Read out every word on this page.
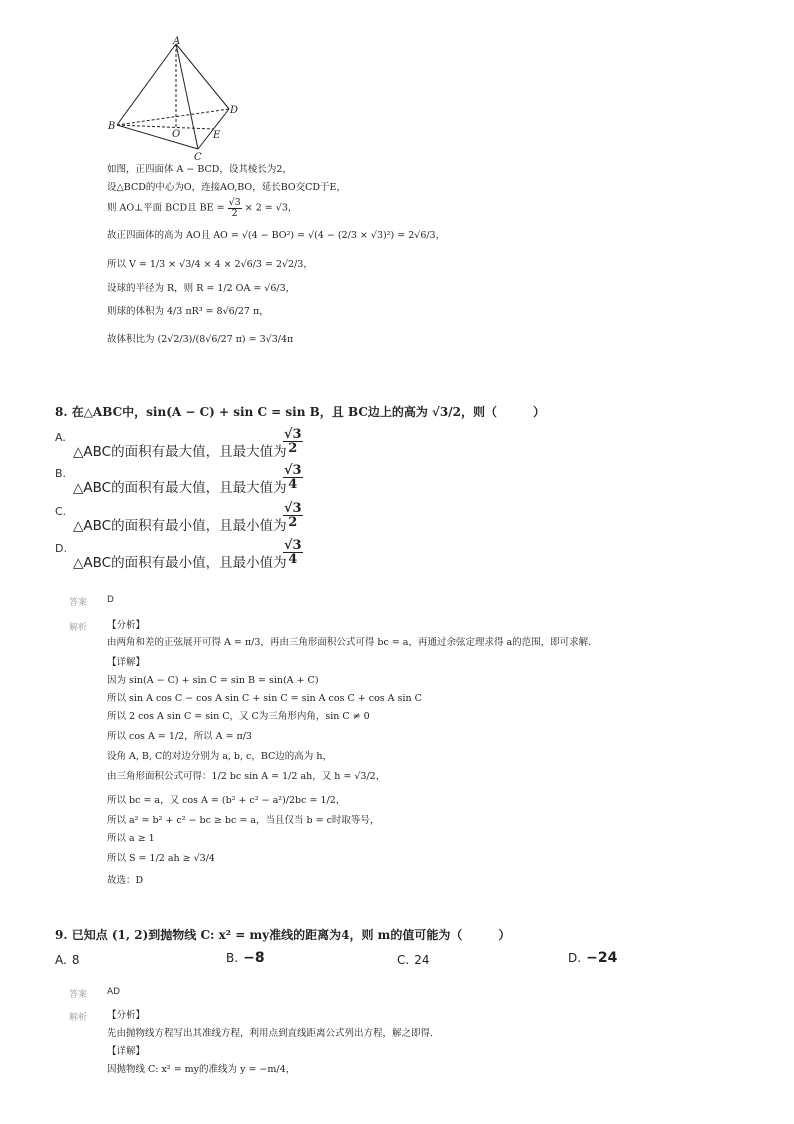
A
B
C
D
O	E
如图，正四面体 A − BCD，设其棱长为2，
设△BCD的中心为O，连接AO,BO，延长BO交CD于E，
则 AO⊥平面 BCD且 BE = $\frac{√3}{2} \times 2 = √3$，
故正四面体的高为 AO且 AO = √(4 − BO²) = √(4 − (2/3 × √3)²) = 2√6/3，
所以 V = 1/3 × √3/4 × 4 × 2√6/3 = 2√2/3，
设球的半径为 R，则 R = 1/2 OA = √6/3，
则球的体积为 4/3 πR³ = 8√6/27 π，
故体积比为 (2√2/3)/(8√6/27 π) = 3√3/4π
8. 在△ABC中，sin(A − C) + sin C = sin B，且 BC边上的高为 √3/2，则（　　　）
A.
△ABC的面积有最大值，且最大值为
$\frac{√3}{2}$
B.
△ABC的面积有最大值，且最大值为
$\frac{√3}{4}$
C.
△ABC的面积有最小值，且最小值为
$\frac{√3}{2}$
D.
△ABC的面积有最小值，且最小值为
$\frac{√3}{4}$
答案 D
解析 【分析】
由两角和差的正弦展开可得 A = π/3，再由三角形面积公式可得 bc = a，再通过余弦定理求得 a的范围，即可求解.
【详解】
因为 sin(A − C) + sin C = sin B = sin(A + C)
所以 sin A cos C − cos A sin C + sin C = sin A cos C + cos A sin C
所以 2 cos A sin C = sin C，又 C为三角形内角，sin C ≠ 0
所以 cos A = 1/2，所以 A = π/3
设角 A, B, C的对边分别为 a, b, c，BC边的高为 h，
由三角形面积公式可得：1/2 bc sin A = 1/2 ah，又 h = √3/2，
所以 bc = a，又 cos A = (b² + c² − a²)/2bc = 1/2，
所以 a² = b² + c² − bc ≥ bc = a，当且仅当 b = c时取等号，
所以 a ≥ 1
所以 S = 1/2 ah ≥ √3/4
故选：D
9. 已知点 (1, 2)到抛物线 C: x² = my准线的距离为4，则 m的值可能为（　　　）
A. 8	B. −8	C. 24	D. −24
答案 AD
解析 【分析】
先由抛物线方程写出其准线方程，利用点到直线距离公式列出方程，解之即得.
【详解】
因抛物线 C: x² = my的准线为 y = −m/4，
